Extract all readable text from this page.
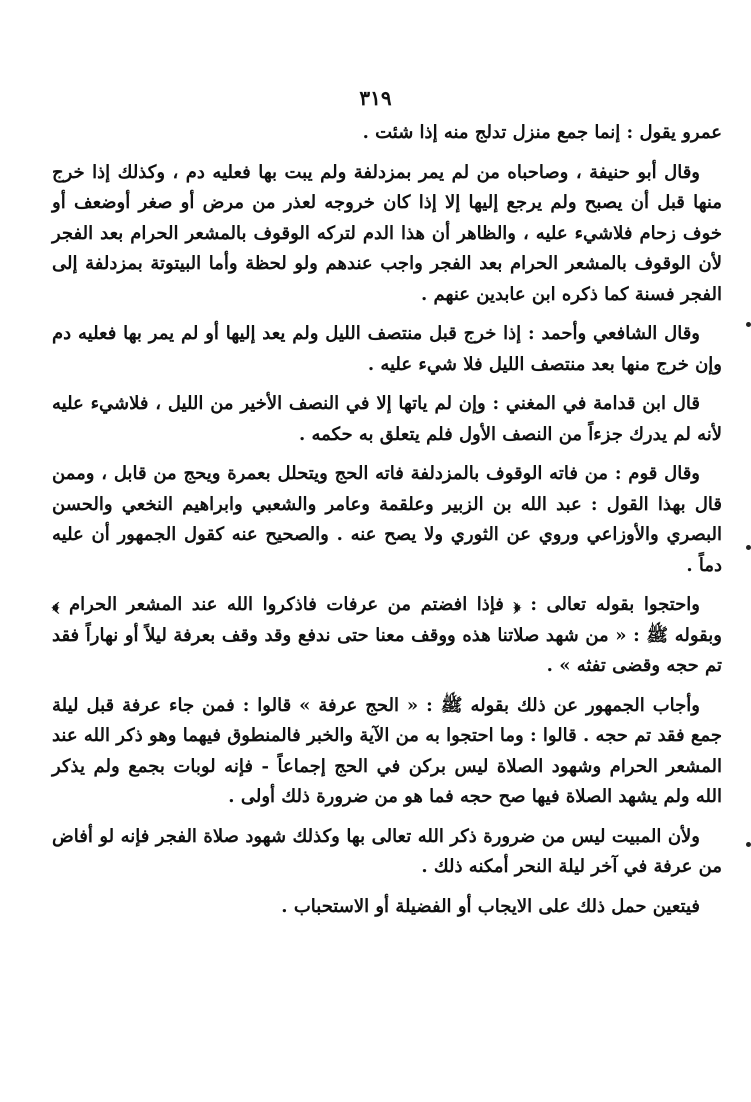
٣١٩

عمرو يقول : إنما جمع منزل تدلج منه إذا شئت .

وقال أبو حنيفة ، وصاحباه من لم يمر بمزدلفة ولم يبت بها فعليه دم ، وكذلك إذا خرج منها قبل أن يصبح ولم يرجع إليها إلا إذا كان خروجه لعذر من مرض أو صغر أوضعف أو خوف زحام فلاشيء عليه ، والظاهر أن هذا الدم لتركه الوقوف بالمشعر الحرام بعد الفجر لأن الوقوف بالمشعر الحرام بعد الفجر واجب عندهم ولو لحظة وأما البيتوتة بمزدلفة إلى الفجر فسنة كما ذكره ابن عابدين عنهم .

وقال الشافعي وأحمد : إذا خرج قبل منتصف الليل ولم يعد إليها أو لم يمر بها فعليه دم وإن خرج منها بعد منتصف الليل فلا شيء عليه .

قال ابن قدامة في المغني : وإن لم ياتها إلا في النصف الأخير من الليل ، فلاشيء عليه لأنه لم يدرك جزءاً من النصف الأول فلم يتعلق به حكمه .

وقال قوم : من فاته الوقوف بالمزدلفة فاته الحج ويتحلل بعمرة ويحج من قابل ، وممن قال بهذا القول : عبد الله بن الزبير وعلقمة وعامر والشعبي وابراهيم النخعي والحسن البصري والأوزاعي وروي عن الثوري ولا يصح عنه . والصحيح عنه كقول الجمهور أن عليه دماً .

واحتجوا بقوله تعالى : ﴿ فإذا افضتم من عرفات فاذكروا الله عند المشعر الحرام ﴾ وبقوله ﷺ : « من شهد صلاتنا هذه ووقف معنا حتى ندفع وقد وقف بعرفة ليلاً أو نهاراً فقد تم حجه وقضى تفثه » .

وأجاب الجمهور عن ذلك بقوله ﷺ : « الحج عرفة » قالوا : فمن جاء عرفة قبل ليلة جمع فقد تم حجه . قالوا : وما احتجوا به من الآية والخبر فالمنطوق فيهما وهو ذكر الله عند المشعر الحرام وشهود الصلاة ليس بركن في الحج إجماعاً - فإنه لوبات بجمع ولم يذكر الله ولم يشهد الصلاة فيها صح حجه فما هو من ضرورة ذلك أولى .

ولأن المبيت ليس من ضرورة ذكر الله تعالى بها وكذلك شهود صلاة الفجر فإنه لو أفاض من عرفة في آخر ليلة النحر أمكنه ذلك .

فيتعين حمل ذلك على الايجاب أو الفضيلة أو الاستحباب .
